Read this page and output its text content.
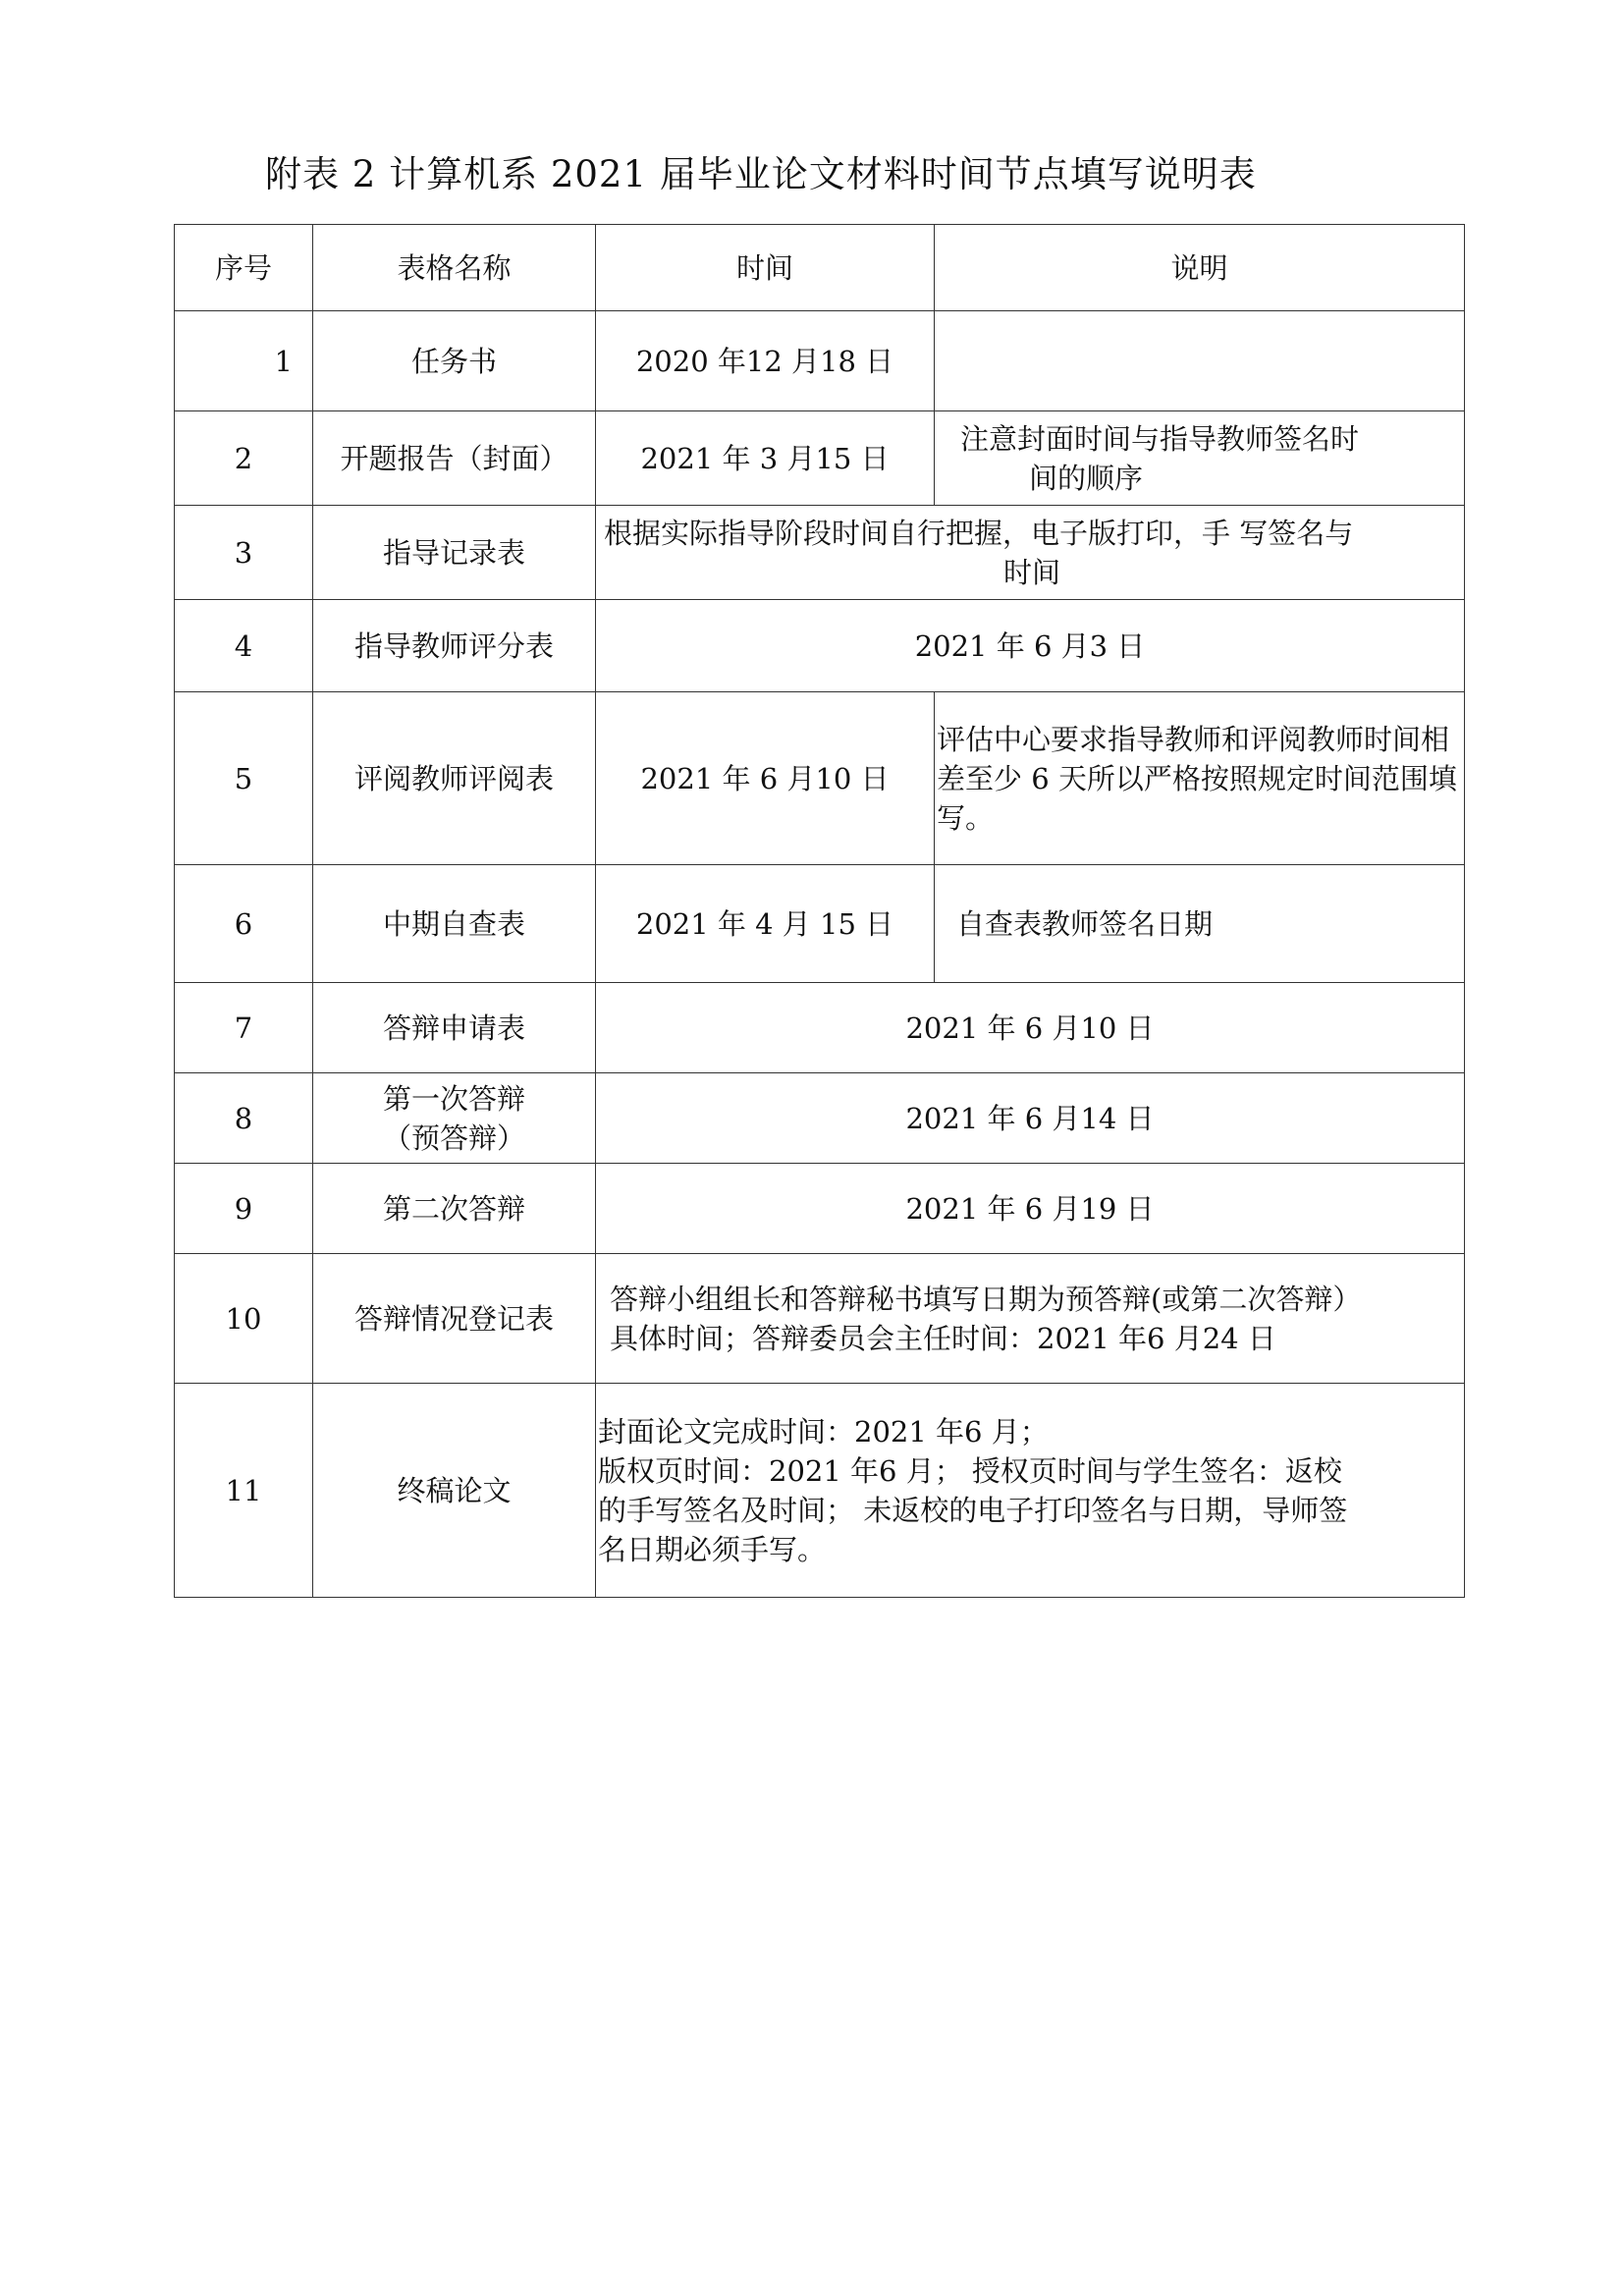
附表 2 计算机系 2021 届毕业论文材料时间节点填写说明表
序号	表格名称	时间	说明
1	任务书	2020 年12 月18 日	
2	开题报告（封面）	2021 年 3 月15 日	注意封面时间与指导教师签名时
间的顺序

3	指导记录表	根据实际指导阶段时间自行把握，电子版打印，手 写签名与
时间	

4	指导教师评分表	2021 年 6 月3 日	
5	评阅教师评阅表	2021 年 6 月10 日	评估中心要求指导教师和评阅教师时间相差至少 6 天所以严格按照规定时间范围填写。
6	中期自查表	2021 年 4 月 15 日	自查表教师签名日期
7	答辩申请表	2021 年 6 月10 日	
8	第一次答辩
（预答辩）	2021 年 6 月14 日	
9	第二次答辩	2021 年 6 月19 日	
10	答辩情况登记表	答辩小组组长和答辩秘书填写日期为预答辩(或第二次答辩）
具体时间；答辩委员会主任时间：2021 年6 月24 日	

11	终稿论文	封面论文完成时间：2021 年6 月；
版权页时间：2021 年6 月； 授权页时间与学生签名：返校
的手写签名及时间； 未返校的电子打印签名与日期，导师签
名日期必须手写。	
